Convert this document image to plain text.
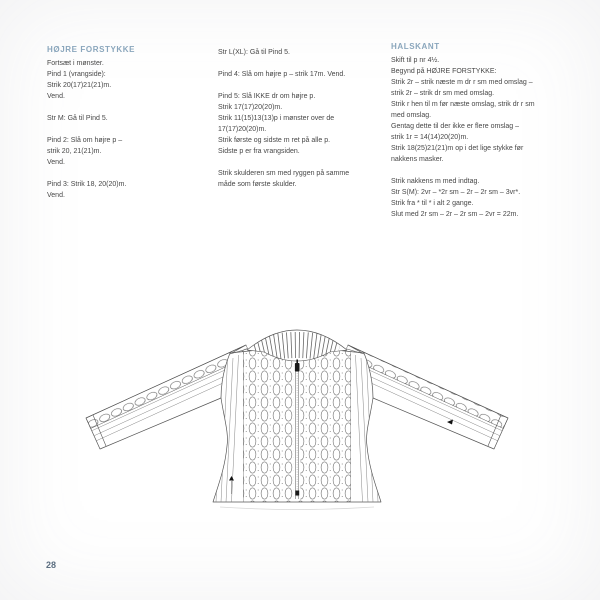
HØJRE FORSTYKKE
Fortsæt i mønster.
Pind 1 (vrangside):
Strik 20(17)21(21)m.
Vend.
Str M: Gå til Pind 5.
Pind 2: Slå om højre p –
strik 20, 21(21)m.
Vend.
Pind 3: Strik 18, 20(20)m.
Vend.
Str L(XL): Gå til Pind 5.
Pind 4: Slå om højre p – strik 17m. Vend.
Pind 5: Slå IKKE dr om højre p.
Strik 17(17)20(20)m.
Strik 11(15)13(13)p i mønster over de
17(17)20(20)m.
Strik første og sidste m ret på alle p.
Sidste p er fra vrangsiden.
Strik skulderen sm med ryggen på samme
måde som første skulder.
HALSKANT
Skift til p nr 4½.
Begynd på HØJRE FORSTYKKE:
Strik 2r – strik næste m dr r sm med omslag –
strik 2r – strik dr sm med omslag.
Strik r hen til m før næste omslag, strik dr r sm
med omslag.
Gentag dette til der ikke er flere omslag –
strik 1r = 14(14)20(20)m.
Strik 18(25)21(21)m op i det lige stykke før
nakkens masker.
Strik nakkens m med indtag.
Str S(M): 2vr – *2r sm – 2r – 2r sm – 3vr*.
Strik fra * til * i alt 2 gange.
Slut med 2r sm – 2r – 2r sm – 2vr = 22m.
28
